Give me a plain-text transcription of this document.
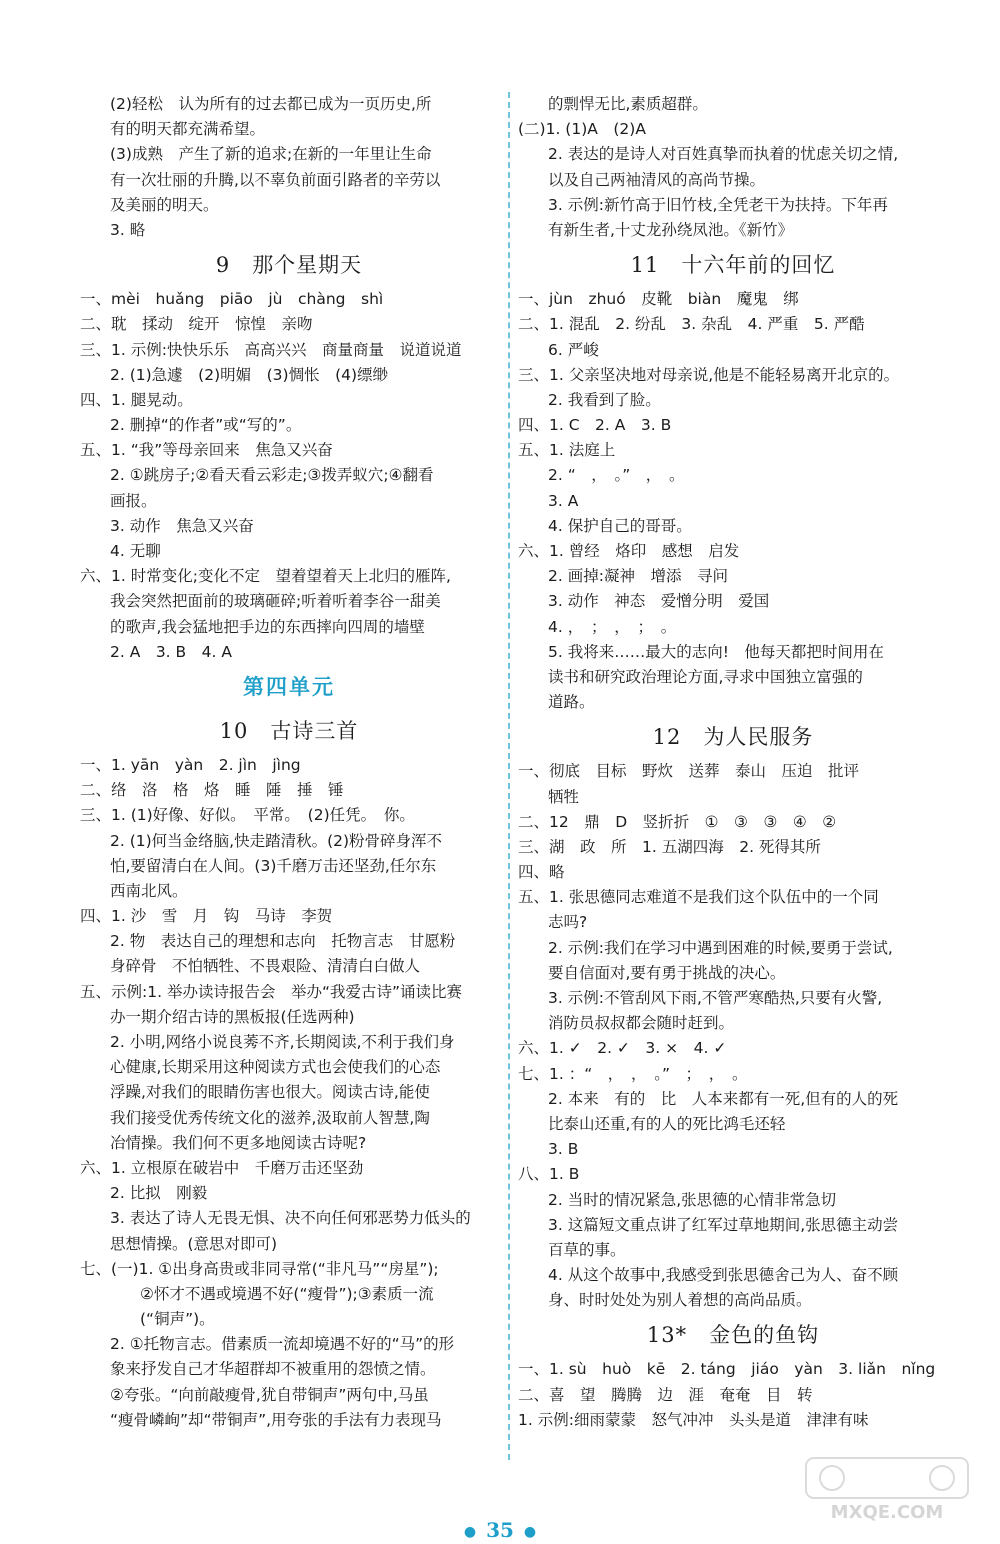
(2)轻松　认为所有的过去都已成为一页历史,所
有的明天都充满希望。
(3)成熟　产生了新的追求;在新的一年里让生命
有一次壮丽的升腾,以不辜负前面引路者的辛劳以
及美丽的明天。
3. 略
9 那个星期天
一、mèi　huǎng　piāo　jù　chàng　shì
二、耽　揉动　绽开　惊惶　亲吻
三、1. 示例:快快乐乐　高高兴兴　商量商量　说道说道
2. (1)急遽　(2)明媚　(3)惆怅　(4)缥缈
四、1. 腿晃动。
2. 删掉“的作者”或“写的”。
五、1. “我”等母亲回来　焦急又兴奋
2. ①跳房子;②看天看云彩走;③拨弄蚁穴;④翻看
画报。
3. 动作　焦急又兴奋
4. 无聊
六、1. 时常变化;变化不定　望着望着天上北归的雁阵,
我会突然把面前的玻璃砸碎;听着听着李谷一甜美
的歌声,我会猛地把手边的东西摔向四周的墙壁
2. A　3. B　4. A
第四单元
10 古诗三首
一、1. yān　yàn　2. jìn　jìng
二、络　洛　格　烙　睡　陲　捶　锤
三、1. (1)好像、好似。　平常。　(2)任凭。　你。
2. (1)何当金络脑,快走踏清秋。(2)粉骨碎身浑不
怕,要留清白在人间。(3)千磨万击还坚劲,任尔东
西南北风。
四、1. 沙　雪　月　钩　马诗　李贺
2. 物　表达自己的理想和志向　托物言志　甘愿粉
身碎骨　不怕牺牲、不畏艰险、清清白白做人
五、示例:1. 举办读诗报告会　举办“我爱古诗”诵读比赛
办一期介绍古诗的黑板报(任选两种)
2. 小明,网络小说良莠不齐,长期阅读,不利于我们身
心健康,长期采用这种阅读方式也会使我们的心态
浮躁,对我们的眼睛伤害也很大。阅读古诗,能使
我们接受优秀传统文化的滋养,汲取前人智慧,陶
冶情操。我们何不更多地阅读古诗呢?
六、1. 立根原在破岩中　千磨万击还坚劲
2. 比拟　刚毅
3. 表达了诗人无畏无惧、决不向任何邪恶势力低头的
思想情操。(意思对即可)
七、(一)1. ①出身高贵或非同寻常(“非凡马”“房星”);
②怀才不遇或境遇不好(“瘦骨”);③素质一流
(“铜声”)。
2. ①托物言志。借素质一流却境遇不好的“马”的形
象来抒发自己才华超群却不被重用的怨愤之情。
②夸张。“向前敲瘦骨,犹自带铜声”两句中,马虽
“瘦骨嶙峋”却“带铜声”,用夸张的手法有力表现马
的剽悍无比,素质超群。
(二)1. (1)A　(2)A
2. 表达的是诗人对百姓真挚而执着的忧虑关切之情,
以及自己两袖清风的高尚节操。
3. 示例:新竹高于旧竹枝,全凭老干为扶持。下年再
有新生者,十丈龙孙绕凤池。《新竹》
11 十六年前的回忆
一、jùn　zhuó　皮靴　biàn　魔鬼　绑
二、1. 混乱　2. 纷乱　3. 杂乱　4. 严重　5. 严酷
6. 严峻
三、1. 父亲坚决地对母亲说,他是不能轻易离开北京的。
2. 我看到了脸。
四、1. C　2. A　3. B
五、1. 法庭上
2. “　，　。”　，　。
3. A
4. 保护自己的哥哥。
六、1. 曾经　烙印　感想　启发
2. 画掉:凝神　增添　寻问
3. 动作　神态　爱憎分明　爱国
4. ，　；　，　；　。
5. 我将来……最大的志向!　他每天都把时间用在
读书和研究政治理论方面,寻求中国独立富强的
道路。
12 为人民服务
一、彻底　目标　野炊　送葬　泰山　压迫　批评
牺牲
二、12　鼎　D　竖折折　①　③　③　④　②
三、湖　政　所　1. 五湖四海　2. 死得其所
四、略
五、1. 张思德同志难道不是我们这个队伍中的一个同
志吗?
2. 示例:我们在学习中遇到困难的时候,要勇于尝试,
要自信面对,要有勇于挑战的决心。
3. 示例:不管刮风下雨,不管严寒酷热,只要有火警,
消防员叔叔都会随时赶到。
六、1. ✓　2. ✓　3. ×　4. ✓
七、1. ：“　，　，　。”　；　，　。
2. 本来　有的　比　人本来都有一死,但有的人的死
比泰山还重,有的人的死比鸿毛还轻
3. B
八、1. B
2. 当时的情况紧急,张思德的心情非常急切
3. 这篇短文重点讲了红军过草地期间,张思德主动尝
百草的事。
4. 从这个故事中,我感受到张思德舍己为人、奋不顾
身、时时处处为别人着想的高尚品质。
13* 金色的鱼钩
一、1. sù　huò　kē　2. táng　jiáo　yàn　3. liǎn　nǐng
二、喜　望　腾腾　边　涯　奄奄　目　转
1. 示例:细雨蒙蒙　怒气冲冲　头头是道　津津有味
● 35 ●
MXQE.COM
